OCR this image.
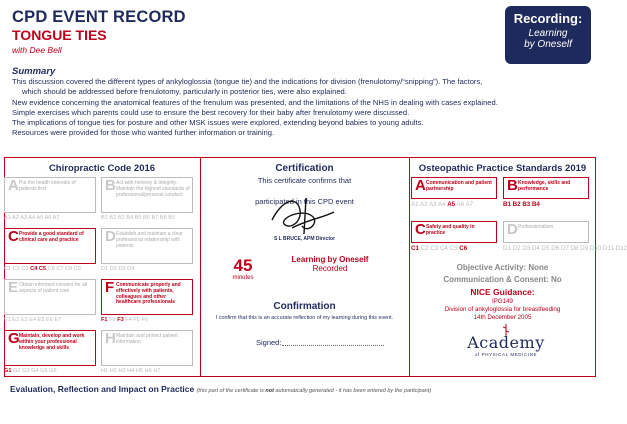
CPD EVENT RECORD
TONGUE TIES
with Dee Bell
Recording:
Learning
by Oneself
Summary

This discussion covered the different types of ankyloglossia (tongue tie) and the indications for division (frenulotomy/“snipping”). The factors,

which should be addressed before frenulotomy, particularly in posterior ties, were also explained.

New evidence concerning the anatomical features of the frenulum was presented, and the limitations of the NHS in dealing with cases explained.

Simple exercises which parents could use to ensure the best recovery for their baby after frenulotomy were discussed.

The implications of tongue ties for posture and other MSK issues were explored, extending beyond babies to young adults.

Resources were provided for those who wanted further information or training.

Chiropractic Code 2016
A Put the health interests of patients first
A1 A2 A3 A4 A5 A6 A7
B Act with honesty & integrity. Maintain the highest standards of professional/personal conduct
B1 B2 B3 B4 B5 B6 B7 B8 B9
C Provide a good standard of clinical care and practice
C1 C2 C3 C4 C5 C6 C7 C8 C9
D Establish and maintain a clear professional relationship with patients
D1 D2 D3 D4
E Obtain informed consent for all aspects of patient care
E1 E2 E3 E4 E5 E6 E7
F Communicate properly and effectively with patients, colleagues and other healthcare professionals
F1 F2 F3 F4 F5 F6
G Maintain, develop and work within your professional knowledge and skills
G1 G2 G3 G4 G5 G6
H Maintain and protect patient information
H1 H2 H3 H4 H5 H6 H7
Certification
This certificate confirms that
participated in this CPD event
S L BRUCE, APM Director
45
minutes
Learning by Oneself
Recorded
Confirmation
I confirm that this is an accurate reflection of my learning during this event.
Signed:
Osteopathic Practice Standards 2019
A Communication and patient partnership
A1 A2 A3 A4 A5 A6 A7
B Knowledge, skills and performance
B1 B2 B3 B4
C Safety and quality in practice
C1 C2 C3 C4 C5 C6
D Professionalism
D1 D2 D3 D4 D5 D6 D7 D8 D9 D10 D11 D12
Objective Activity: None
Communication & Consent: No
NICE Guidance:
IPG149
Division of ankyloglossia for breastfeeding
14th December 2005
Academy
of PHYSICAL MEDICINE
Evaluation, Reflection and Impact on Practice (this part of the certificate is not automatically generated - it has been entered by the participant)
